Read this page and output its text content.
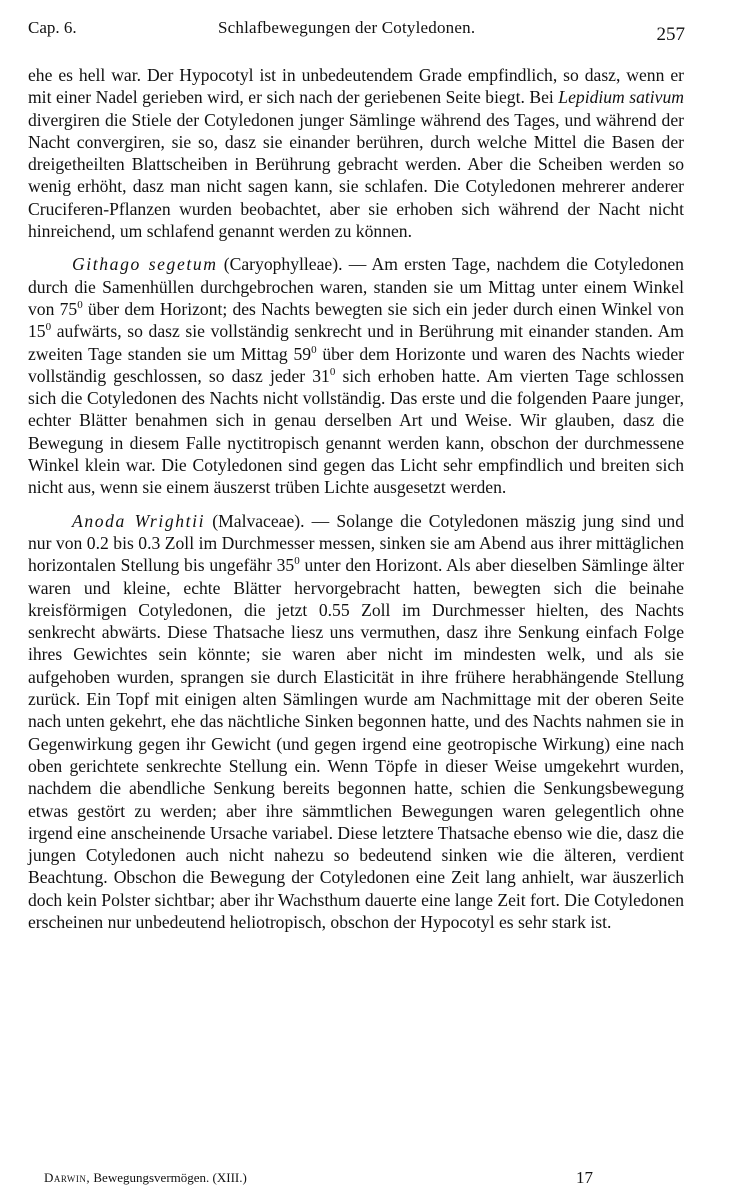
Cap. 6.	Schlafbewegungen der Cotyledonen.	257

ehe es hell war. Der Hypocotyl ist in unbedeutendem Grade empfindlich, so dasz, wenn er mit einer Nadel gerieben wird, er sich nach der geriebenen Seite biegt. Bei Lepidium sativum divergiren die Stiele der Cotyledonen junger Sämlinge während des Tages, und während der Nacht convergiren, sie so, dasz sie einander berühren, durch welche Mittel die Basen der dreigetheilten Blattscheiben in Berührung gebracht werden. Aber die Scheiben werden so wenig erhöht, dasz man nicht sagen kann, sie schlafen. Die Cotyledonen mehrerer anderer Cruciferen-Pflanzen wurden beobachtet, aber sie erhoben sich während der Nacht nicht hinreichend, um schlafend genannt werden zu können.

Githago segetum (Caryophylleae). — Am ersten Tage, nachdem die Cotyledonen durch die Samenhüllen durchgebrochen waren, standen sie um Mittag unter einem Winkel von $75^0$ über dem Horizont; des Nachts bewegten sie sich ein jeder durch einen Winkel von $15^0$ aufwärts, so dasz sie vollständig senkrecht und in Berührung mit einander standen. Am zweiten Tage standen sie um Mittag $59^0$ über dem Horizonte und waren des Nachts wieder vollständig geschlossen, so dasz jeder $31^0$ sich erhoben hatte. Am vierten Tage schlossen sich die Cotyledonen des Nachts nicht vollständig. Das erste und die folgenden Paare junger, echter Blätter benahmen sich in genau derselben Art und Weise. Wir glauben, dasz die Bewegung in diesem Falle nyctitropisch genannt werden kann, obschon der durchmessene Winkel klein war. Die Cotyledonen sind gegen das Licht sehr empfindlich und breiten sich nicht aus, wenn sie einem äuszerst trüben Lichte ausgesetzt werden.

Anoda Wrightii (Malvaceae). — Solange die Cotyledonen mäszig jung sind und nur von 0.2 bis 0.3 Zoll im Durchmesser messen, sinken sie am Abend aus ihrer mittäglichen horizontalen Stellung bis ungefähr $35^0$ unter den Horizont. Als aber dieselben Sämlinge älter waren und kleine, echte Blätter hervorgebracht hatten, bewegten sich die beinahe kreisförmigen Cotyledonen, die jetzt 0.55 Zoll im Durchmesser hielten, des Nachts senkrecht abwärts. Diese Thatsache liesz uns vermuthen, dasz ihre Senkung einfach Folge ihres Gewichtes sein könnte; sie waren aber nicht im mindesten welk, und als sie aufgehoben wurden, sprangen sie durch Elasticität in ihre frühere herabhängende Stellung zurück. Ein Topf mit einigen alten Sämlingen wurde am Nachmittage mit der oberen Seite nach unten gekehrt, ehe das nächtliche Sinken begonnen hatte, und des Nachts nahmen sie in Gegenwirkung gegen ihr Gewicht (und gegen irgend eine geotropische Wirkung) eine nach oben gerichtete senkrechte Stellung ein. Wenn Töpfe in dieser Weise umgekehrt wurden, nachdem die abendliche Senkung bereits begonnen hatte, schien die Senkungsbewegung etwas gestört zu werden; aber ihre sämmtlichen Bewegungen waren gelegentlich ohne irgend eine anscheinende Ursache variabel. Diese letztere Thatsache ebenso wie die, dasz die jungen Cotyledonen auch nicht nahezu so bedeutend sinken wie die älteren, verdient Beachtung. Obschon die Bewegung der Cotyledonen eine Zeit lang anhielt, war äuszerlich doch kein Polster sichtbar; aber ihr Wachsthum dauerte eine lange Zeit fort. Die Cotyledonen erscheinen nur unbedeutend heliotropisch, obschon der Hypocotyl es sehr stark ist.

Darwin, Bewegungsvermögen. (XIII.)	17
